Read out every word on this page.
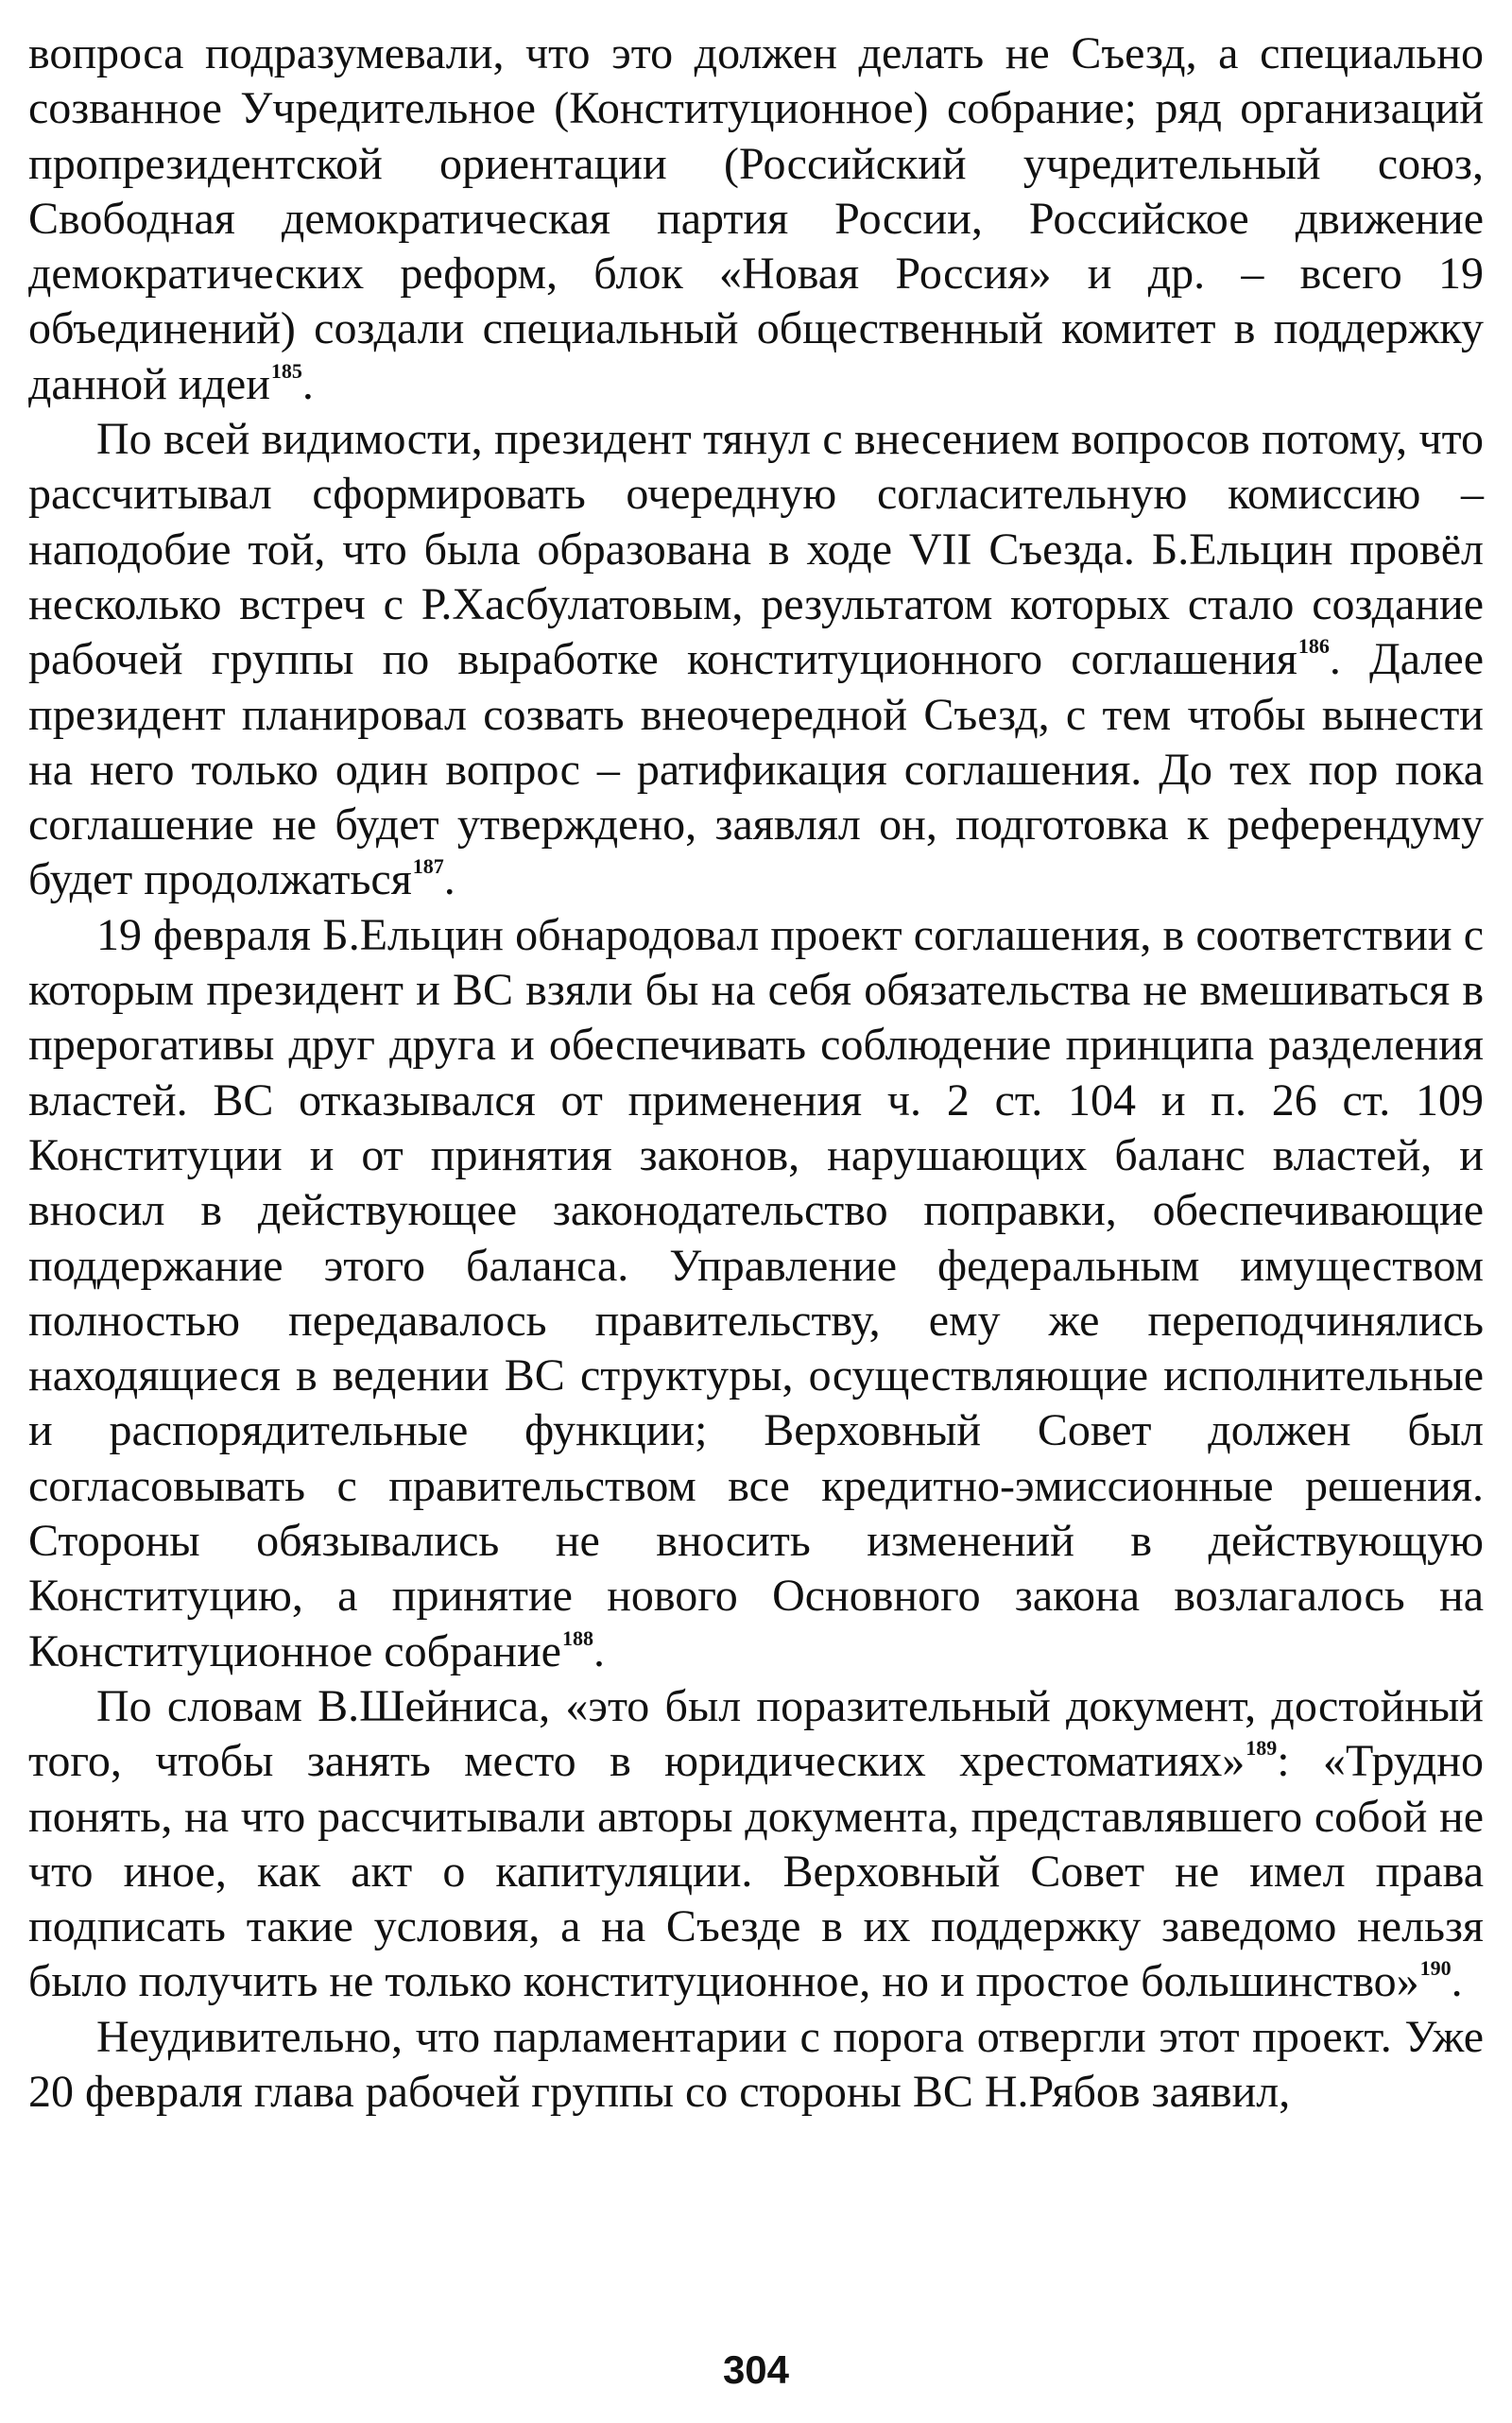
вопроса подразумевали, что это должен делать не Съезд, а специально созванное Учредительное (Конституционное) собрание; ряд организаций пропрезидентской ориентации (Российский учредительный союз, Свободная демократическая партия России, Российское движение демократических реформ, блок «Новая Россия» и др. – всего 19 объединений) создали специальный общественный комитет в поддержку данной идеи$^{185}$.

По всей видимости, президент тянул с внесением вопросов потому, что рассчитывал сформировать очередную согласительную комиссию – наподобие той, что была образована в ходе VII Съезда. Б.Ельцин провёл несколько встреч с Р.Хасбулатовым, результатом которых стало создание рабочей группы по выработке конституционного соглашения$^{186}$. Далее президент планировал созвать внеочередной Съезд, с тем чтобы вынести на него только один вопрос – ратификация соглашения. До тех пор пока соглашение не будет утверждено, заявлял он, подготовка к референдуму будет продолжаться$^{187}$.

19 февраля Б.Ельцин обнародовал проект соглашения, в соответствии с которым президент и ВС взяли бы на себя обязательства не вмешиваться в прерогативы друг друга и обеспечивать соблюдение принципа разделения властей. ВС отказывался от применения ч. 2 ст. 104 и п. 26 ст. 109 Конституции и от принятия законов, нарушающих баланс властей, и вносил в действующее законодательство поправки, обеспечивающие поддержание этого баланса. Управление федеральным имуществом полностью передавалось правительству, ему же переподчинялись находящиеся в ведении ВС структуры, осуществляющие исполнительные и распорядительные функции; Верховный Совет должен был согласовывать с правительством все кредитно-эмиссионные решения. Стороны обязывались не вносить изменений в действующую Конституцию, а принятие нового Основного закона возлагалось на Конституционное собрание$^{188}$.

По словам В.Шейниса, «это был поразительный документ, достойный того, чтобы занять место в юридических хрестоматиях»$^{189}$: «Трудно понять, на что рассчитывали авторы документа, представлявшего собой не что иное, как акт о капитуляции. Верховный Совет не имел права подписать такие условия, а на Съезде в их поддержку заведомо нельзя было получить не только конституционное, но и простое большинство»$^{190}$.

Неудивительно, что парламентарии с порога отвергли этот проект. Уже 20 февраля глава рабочей группы со стороны ВС Н.Рябов заявил,

304
